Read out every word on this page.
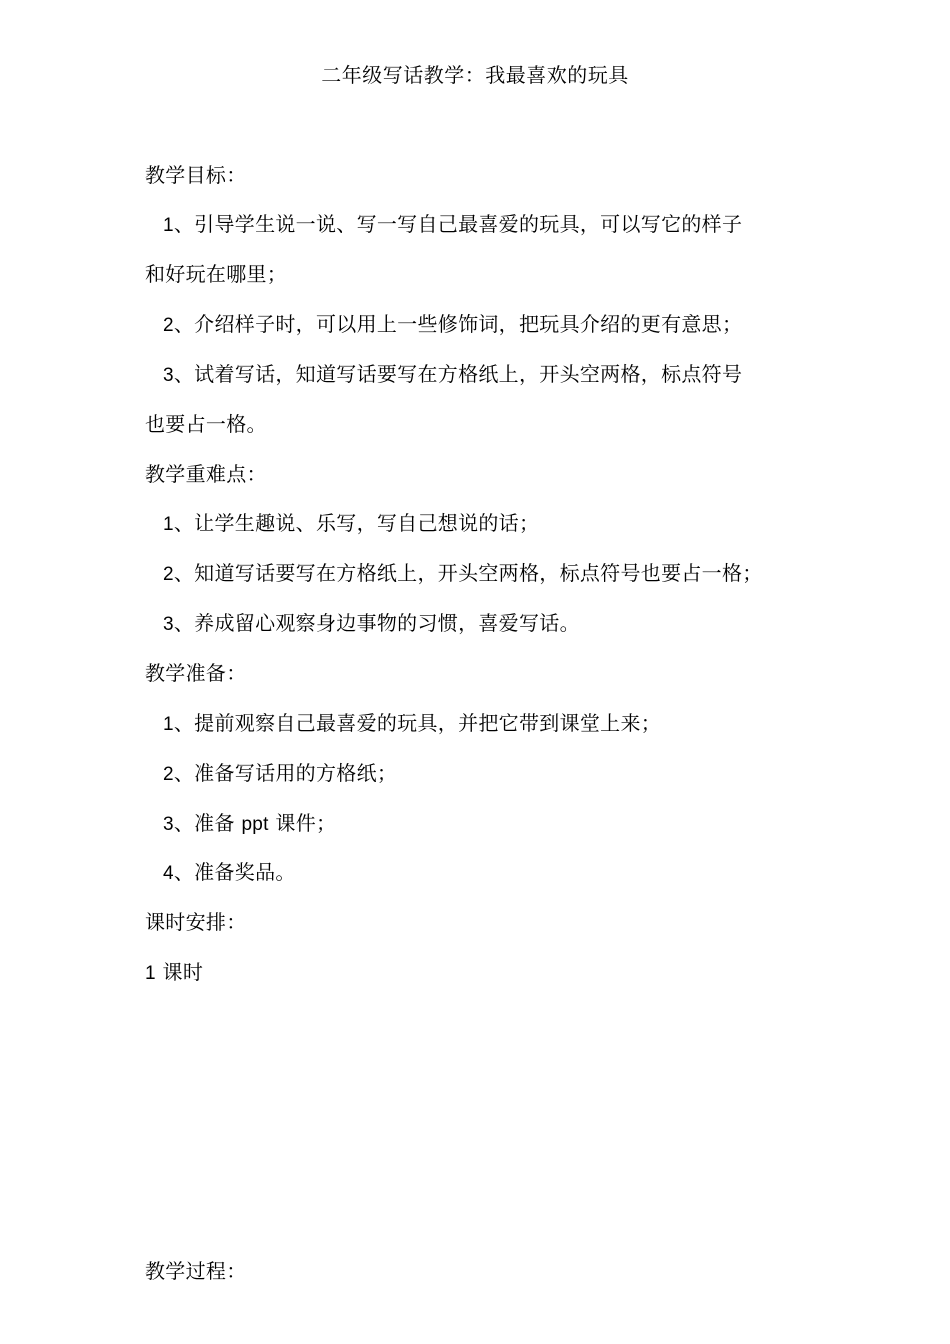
二年级写话教学：我最喜欢的玩具
教学目标：
1、引导学生说一说、写一写自己最喜爱的玩具，可以写它的样子
和好玩在哪里；
2、介绍样子时，可以用上一些修饰词，把玩具介绍的更有意思；
3、试着写话，知道写话要写在方格纸上，开头空两格，标点符号
也要占一格。
教学重难点：
1、让学生趣说、乐写，写自己想说的话；
2、知道写话要写在方格纸上，开头空两格，标点符号也要占一格；
3、养成留心观察身边事物的习惯，喜爱写话。
教学准备：
1、提前观察自己最喜爱的玩具，并把它带到课堂上来；
2、准备写话用的方格纸；
3、准备 ppt 课件；
4、准备奖品。
课时安排：
1 课时
教学过程：
